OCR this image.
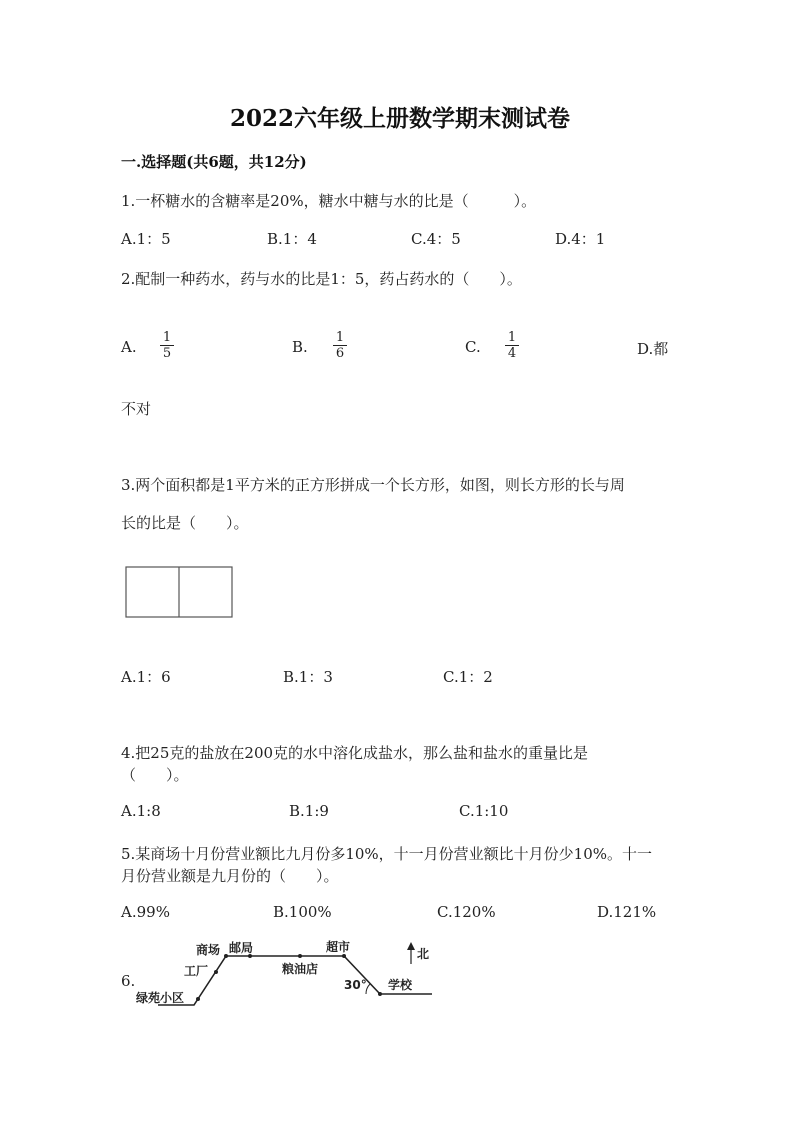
2022六年级上册数学期末测试卷
一.选择题(共6题，共12分)
1.一杯糖水的含糖率是20%，糖水中糖与水的比是（　　　）。
A.1：5	B.1：4	C.4：5	D.4：1
2.配制一种药水，药与水的比是1：5，药占药水的（　　）。
A. $\frac{1}{5}$	B. $\frac{1}{6}$	C. $\frac{1}{4}$	D.都
不对
3.两个面积都是1平方米的正方形拼成一个长方形，如图，则长方形的长与周
长的比是（　　）。
A.1：6	B.1：3	C.1：2
4.把25克的盐放在200克的水中溶化成盐水，那么盐和盐水的重量比是
（　　）。
A.1:8	B.1:9	C.1:10
5.某商场十月份营业额比九月份多10%，十一月份营业额比十月份少10%。十一
月份营业额是九月份的（　　）。
A.99%	B.100%	C.120%	D.121%
6.
商场 邮局	超市	北
工厂	粮油店
30° 学校
绿苑小区
